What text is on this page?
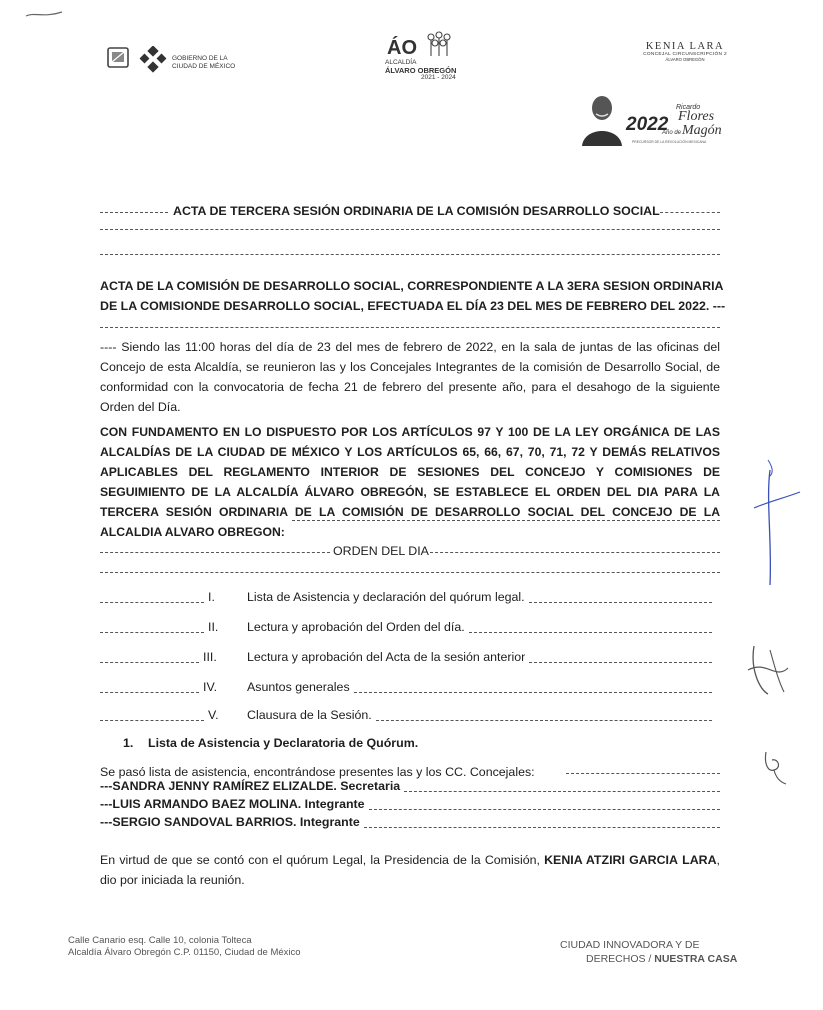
GOBIERNO DE LA
CIUDAD DE MÉXICO
ÁO
ALCALDÍA
ÁLVARO OBREGÓN
2021 - 2024
KENIA LARA
CONCEJAL CIRCUNSCRIPCIÓN 2
ÁLVARO OBREGÓN
2022
Ricardo
Flores
Año de Magón
PRECURSOR DE LA REVOLUCIÓN MEXICANA
ACTA DE TERCERA SESIÓN ORDINARIA DE LA COMISIÓN DESARROLLO SOCIAL
ACTA DE LA COMISIÓN DE DESARROLLO SOCIAL, CORRESPONDIENTE A LA 3ERA SESION ORDINARIA
DE LA COMISIONDE DESARROLLO SOCIAL, EFECTUADA EL DÍA 23 DEL MES DE FEBRERO DEL 2022. ---
---- Siendo las 11:00 horas del día de 23 del mes de febrero de 2022, en la sala de juntas de las oficinas del Concejo de esta Alcaldía, se reunieron las y los Concejales Integrantes de la comisión de Desarrollo Social, de conformidad con la convocatoria de fecha 21 de febrero del presente año, para el desahogo de la siguiente Orden del Día.
CON FUNDAMENTO EN LO DISPUESTO POR LOS ARTÍCULOS 97 Y 100 DE LA LEY ORGÁNICA DE LAS ALCALDÍAS DE LA CIUDAD DE MÉXICO Y LOS ARTÍCULOS 65, 66, 67, 70, 71, 72 Y DEMÁS RELATIVOS APLICABLES DEL REGLAMENTO INTERIOR DE SESIONES DEL CONCEJO Y COMISIONES DE SEGUIMIENTO DE LA ALCALDÍA ÁLVARO OBREGÓN, SE ESTABLECE EL ORDEN DEL DIA PARA LA TERCERA SESIÓN ORDINARIA DE LA COMISIÓN DE DESARROLLO SOCIAL DEL CONCEJO DE LA ALCALDIA ALVARO OBREGON:
ORDEN DEL DIA
I.	Lista de Asistencia y declaración del quórum legal.
II. Lectura y aprobación del Orden del día.
III. Lectura y aprobación del Acta de la sesión anterior
IV. Asuntos generales
V. Clausura de la Sesión.
1. Lista de Asistencia y Declaratoria de Quórum.
Se pasó lista de asistencia, encontrándose presentes las y los CC. Concejales:
---SANDRA JENNY RAMÍREZ ELIZALDE. Secretaria
---LUIS ARMANDO BAEZ MOLINA. Integrante
---SERGIO SANDOVAL BARRIOS. Integrante
En virtud de que se contó con el quórum Legal, la Presidencia de la Comisión, KENIA ATZIRI GARCIA LARA, dio por iniciada la reunión.
Calle Canario esq. Calle 10, colonia Tolteca
Alcaldía Álvaro Obregón C.P. 01150, Ciudad de México
CIUDAD INNOVADORA Y DE
DERECHOS / NUESTRA CASA
